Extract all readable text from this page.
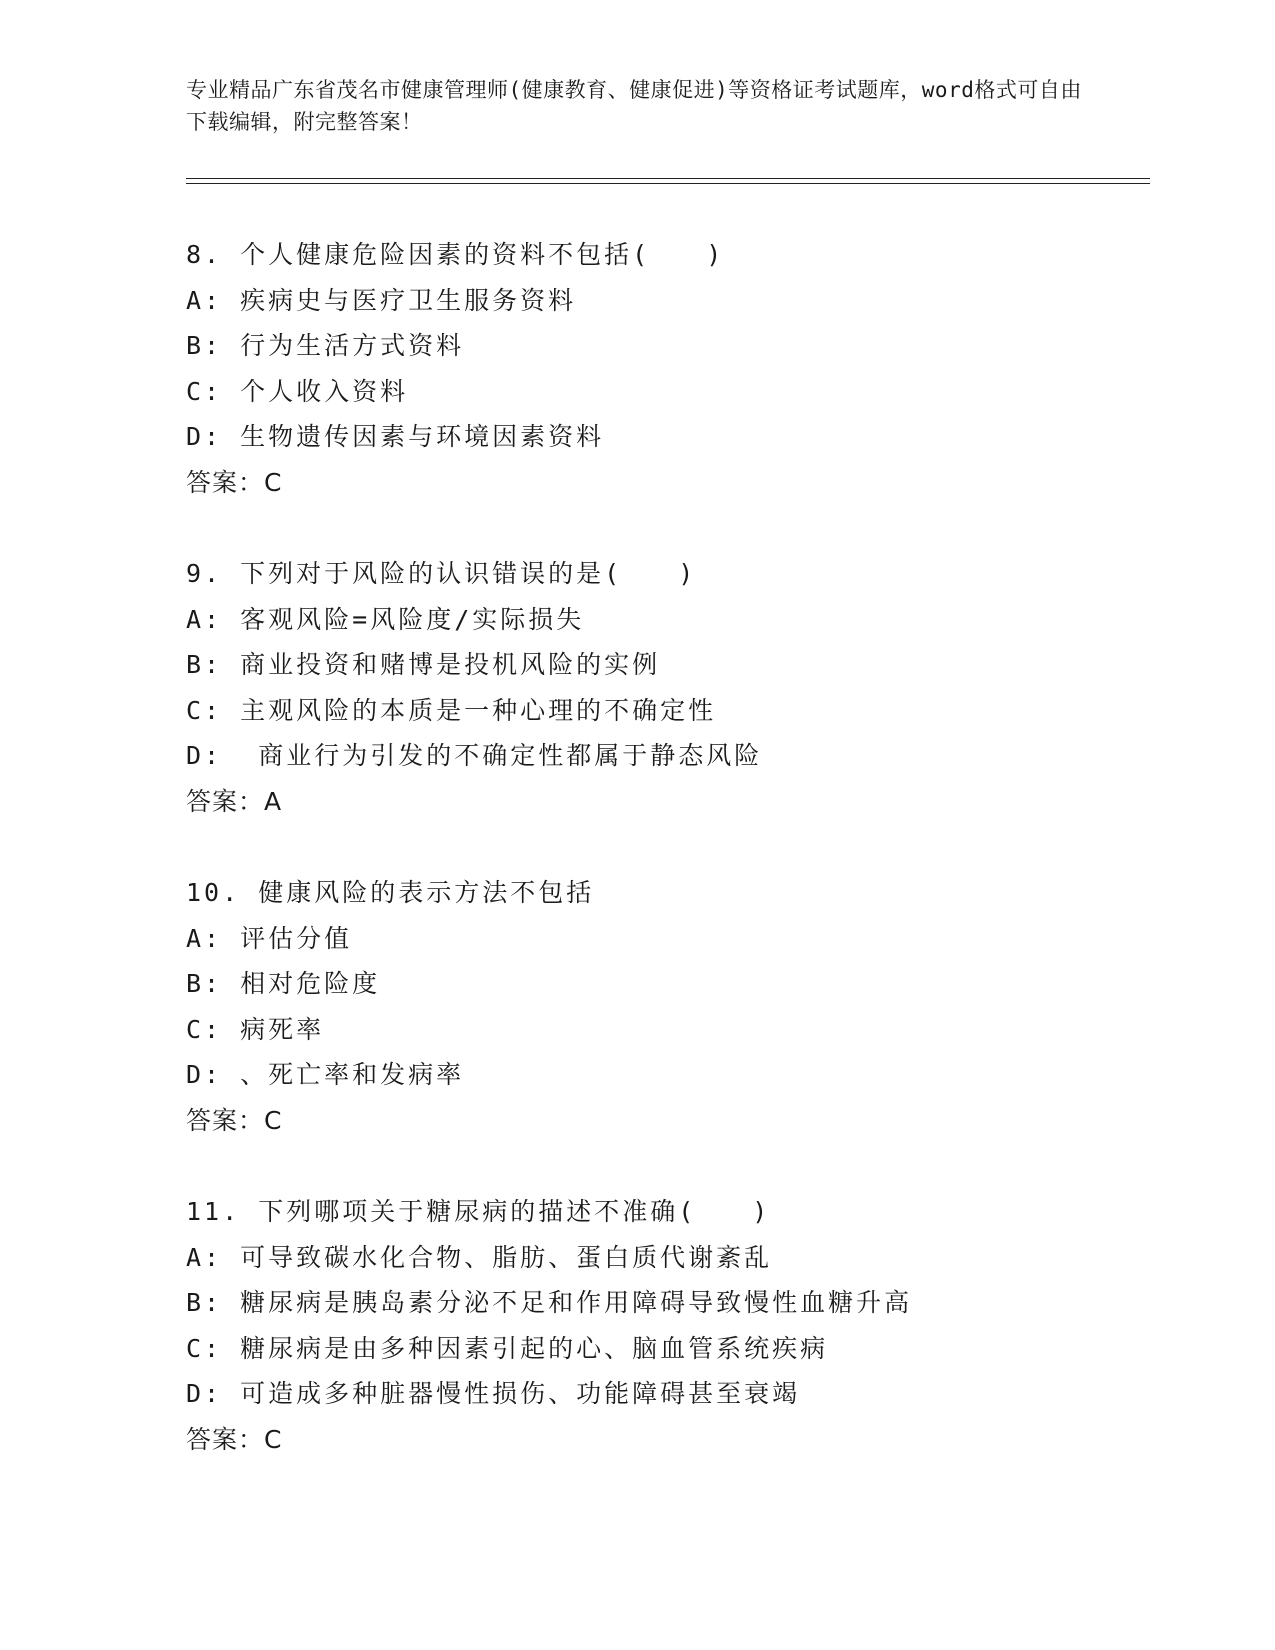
专业精品广东省茂名市健康管理师(健康教育、健康促进)等资格证考试题库，word格式可自由下载编辑，附完整答案！
8. 个人健康危险因素的资料不包括(　　)
A: 疾病史与医疗卫生服务资料
B: 行为生活方式资料
C: 个人收入资料
D: 生物遗传因素与环境因素资料
答案：C
9. 下列对于风险的认识错误的是(　　)
A: 客观风险=风险度/实际损失
B: 商业投资和赌博是投机风险的实例
C: 主观风险的本质是一种心理的不确定性
D:  商业行为引发的不确定性都属于静态风险
答案：A
10. 健康风险的表示方法不包括
A: 评估分值
B: 相对危险度
C: 病死率
D: 、死亡率和发病率
答案：C
11. 下列哪项关于糖尿病的描述不准确(　　)
A: 可导致碳水化合物、脂肪、蛋白质代谢紊乱
B: 糖尿病是胰岛素分泌不足和作用障碍导致慢性血糖升高
C: 糖尿病是由多种因素引起的心、脑血管系统疾病
D: 可造成多种脏器慢性损伤、功能障碍甚至衰竭
答案：C
